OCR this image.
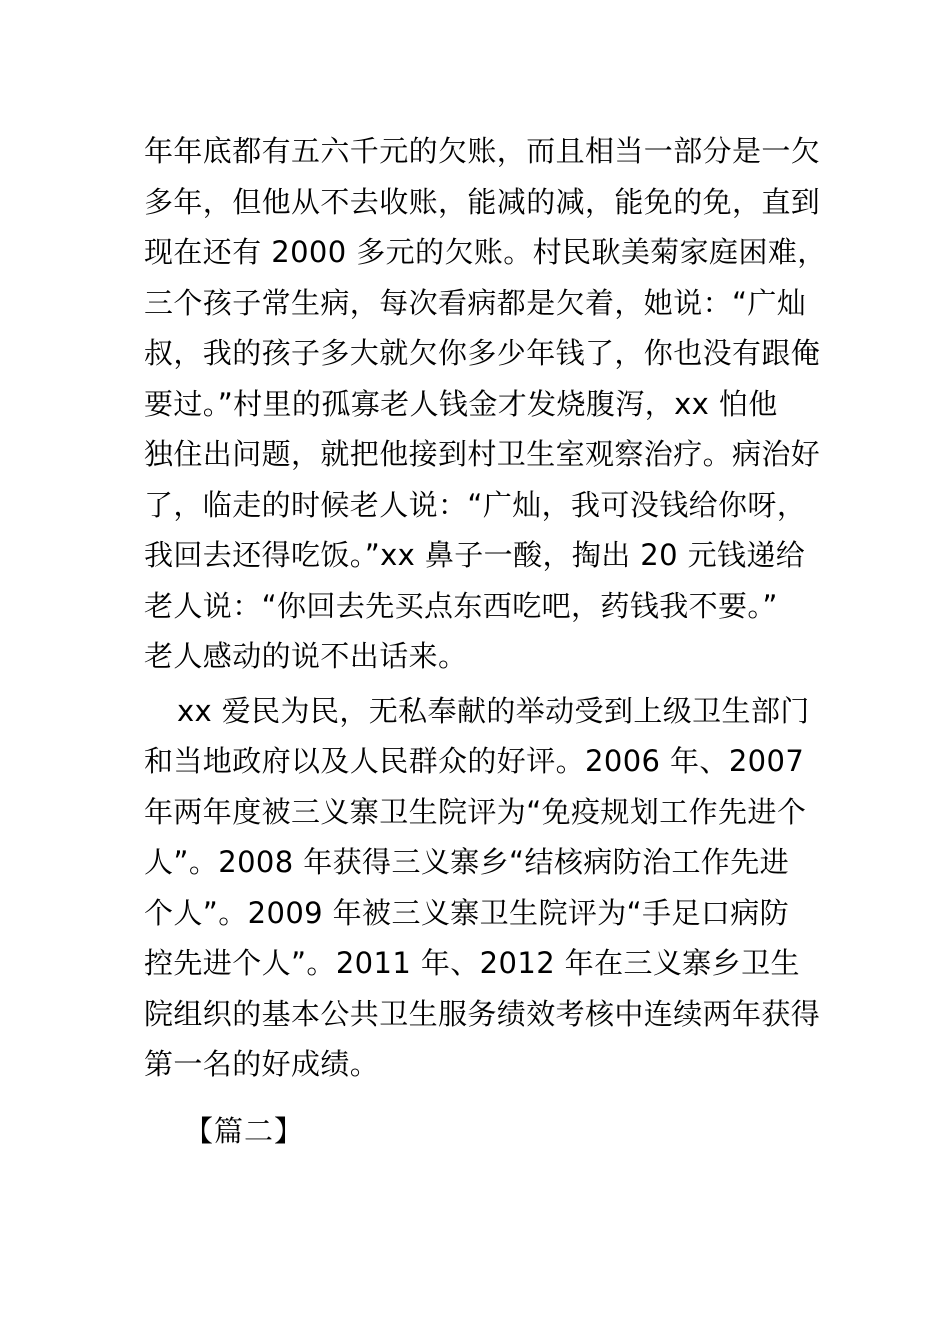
年年底都有五六千元的欠账，而且相当一部分是一欠
多年，但他从不去收账，能减的减，能免的免，直到
现在还有 2000 多元的欠账。村民耿美菊家庭困难，
三个孩子常生病，每次看病都是欠着，她说：“广灿
叔，我的孩子多大就欠你多少年钱了，你也没有跟俺
要过。”村里的孤寡老人钱金才发烧腹泻，xx 怕他
独住出问题，就把他接到村卫生室观察治疗。病治好
了，临走的时候老人说：“广灿，我可没钱给你呀，
我回去还得吃饭。”xx 鼻子一酸，掏出 20 元钱递给
老人说：“你回去先买点东西吃吧，药钱我不要。”
老人感动的说不出话来。
xx 爱民为民，无私奉献的举动受到上级卫生部门
和当地政府以及人民群众的好评。2006 年、2007
年两年度被三义寨卫生院评为“免疫规划工作先进个
人”。2008 年获得三义寨乡“结核病防治工作先进
个人”。2009 年被三义寨卫生院评为“手足口病防
控先进个人”。2011 年、2012 年在三义寨乡卫生
院组织的基本公共卫生服务绩效考核中连续两年获得
第一名的好成绩。
【篇二】
